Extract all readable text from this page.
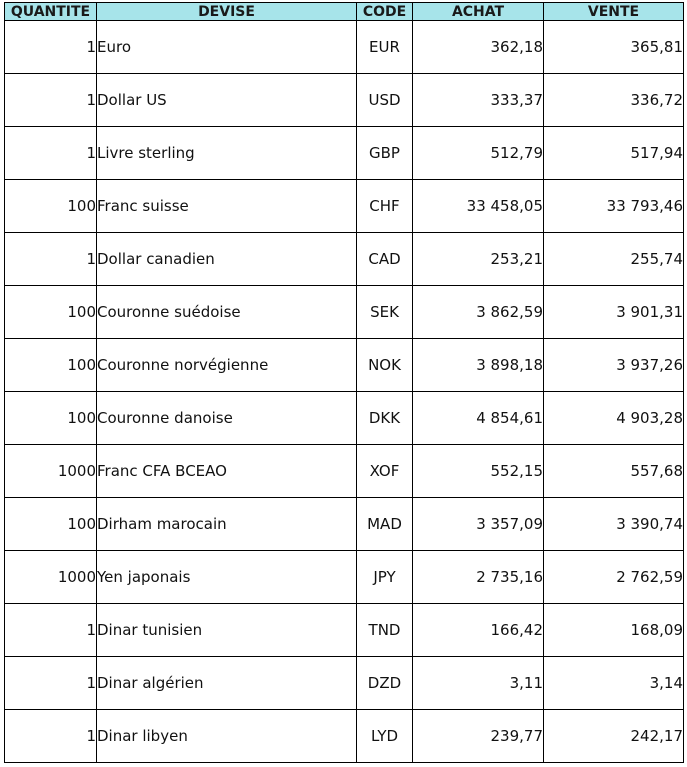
QUANTITE	DEVISE	CODE	ACHAT	VENTE
1	Euro	EUR	362,18	365,81
1	Dollar US	USD	333,37	336,72
1	Livre sterling	GBP	512,79	517,94
100	Franc suisse	CHF	33 458,05	33 793,46
1	Dollar canadien	CAD	253,21	255,74
100	Couronne suédoise	SEK	3 862,59	3 901,31
100	Couronne norvégienne	NOK	3 898,18	3 937,26
100	Couronne danoise	DKK	4 854,61	4 903,28
1000	Franc CFA BCEAO	XOF	552,15	557,68
100	Dirham marocain	MAD	3 357,09	3 390,74
1000	Yen japonais	JPY	2 735,16	2 762,59
1	Dinar tunisien	TND	166,42	168,09
1	Dinar algérien	DZD	3,11	3,14
1	Dinar libyen	LYD	239,77	242,17
